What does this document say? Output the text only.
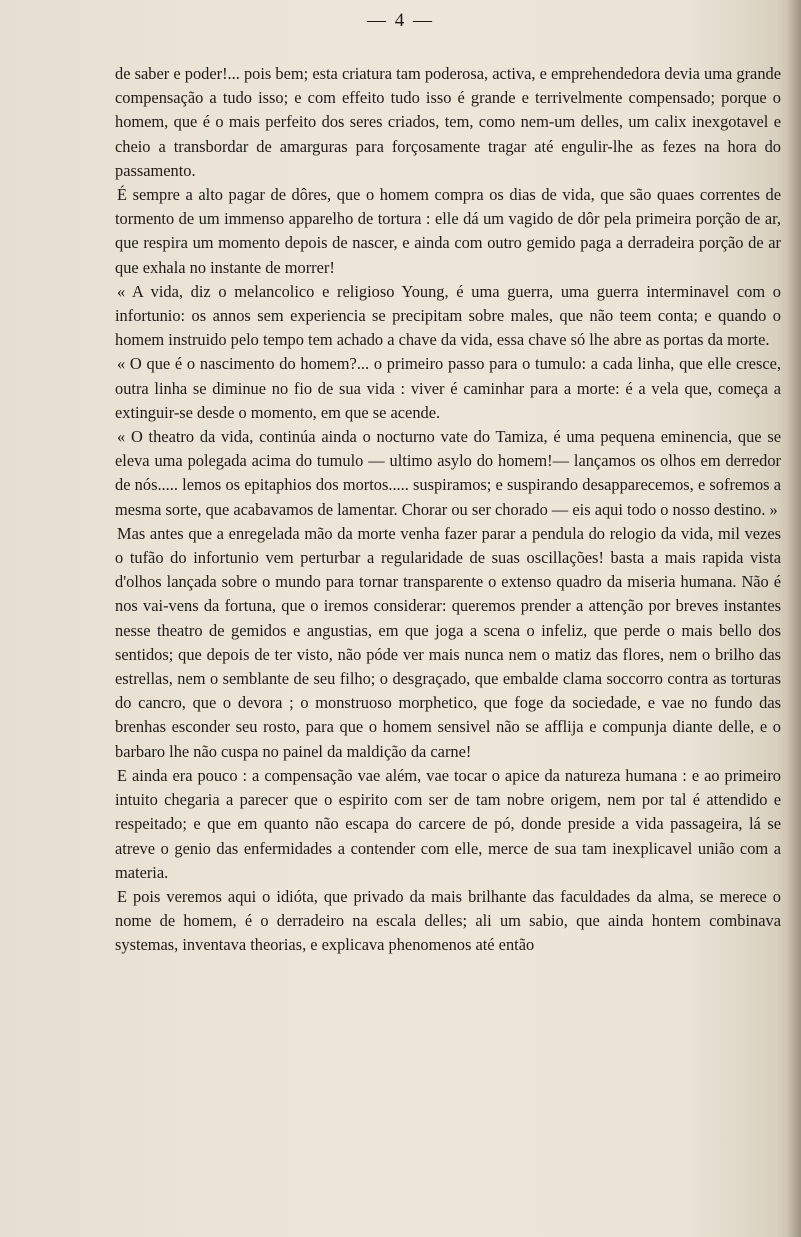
— 4 —

de saber e poder!... pois bem; esta criatura tam poderosa, activa, e emprehendedora devia uma grande compensação a tudo isso; e com effeito tudo isso é grande e terrivelmente compensado; porque o homem, que é o mais perfeito dos seres criados, tem, como nem-um delles, um calix inexgotavel e cheio a transbordar de amarguras para forçosamente tragar até engulir-lhe as fezes na hora do passamento.

É sempre a alto pagar de dôres, que o homem compra os dias de vida, que são quaes correntes de tormento de um immenso apparelho de tortura : elle dá um vagido de dôr pela primeira porção de ar, que respira um momento depois de nascer, e ainda com outro gemido paga a derradeira porção de ar que exhala no instante de morrer!

« A vida, diz o melancolico e religioso Young, é uma guerra, uma guerra interminavel com o infortunio: os annos sem experiencia se precipitam sobre males, que não teem conta; e quando o homem instruido pelo tempo tem achado a chave da vida, essa chave só lhe abre as portas da morte.

« O que é o nascimento do homem?... o primeiro passo para o tumulo: a cada linha, que elle cresce, outra linha se diminue no fio de sua vida : viver é caminhar para a morte: é a vela que, começa a extinguir-se desde o momento, em que se acende.

« O theatro da vida, continúa ainda o nocturno vate do Tamiza, é uma pequena eminencia, que se eleva uma polegada acima do tumulo — ultimo asylo do homem!— lançamos os olhos em derredor de nós..... lemos os epitaphios dos mortos..... suspiramos; e suspirando desapparecemos, e sofremos a mesma sorte, que acabavamos de lamentar. Chorar ou ser chorado — eis aqui todo o nosso destino. »

Mas antes que a enregelada mão da morte venha fazer parar a pendula do relogio da vida, mil vezes o tufão do infortunio vem perturbar a regularidade de suas oscillações! basta a mais rapida vista d'olhos lançada sobre o mundo para tornar transparente o extenso quadro da miseria humana. Não é nos vai-vens da fortuna, que o iremos considerar: queremos prender a attenção por breves instantes nesse theatro de gemidos e angustias, em que joga a scena o infeliz, que perde o mais bello dos sentidos; que depois de ter visto, não póde ver mais nunca nem o matiz das flores, nem o brilho das estrellas, nem o semblante de seu filho; o desgraçado, que embalde clama soccorro contra as torturas do cancro, que o devora ; o monstruoso morphetico, que foge da sociedade, e vae no fundo das brenhas esconder seu rosto, para que o homem sensivel não se afflija e compunja diante delle, e o barbaro lhe não cuspa no painel da maldição da carne!

E ainda era pouco : a compensação vae além, vae tocar o apice da natureza humana : e ao primeiro intuito chegaria a parecer que o espirito com ser de tam nobre origem, nem por tal é attendido e respeitado; e que em quanto não escapa do carcere de pó, donde preside a vida passageira, lá se atreve o genio das enfermidades a contender com elle, merce de sua tam inexplicavel união com a materia.

E pois veremos aqui o idióta, que privado da mais brilhante das faculdades da alma, se merece o nome de homem, é o derradeiro na escala delles; ali um sabio, que ainda hontem combinava systemas, inventava theorias, e explicava phenomenos até então
